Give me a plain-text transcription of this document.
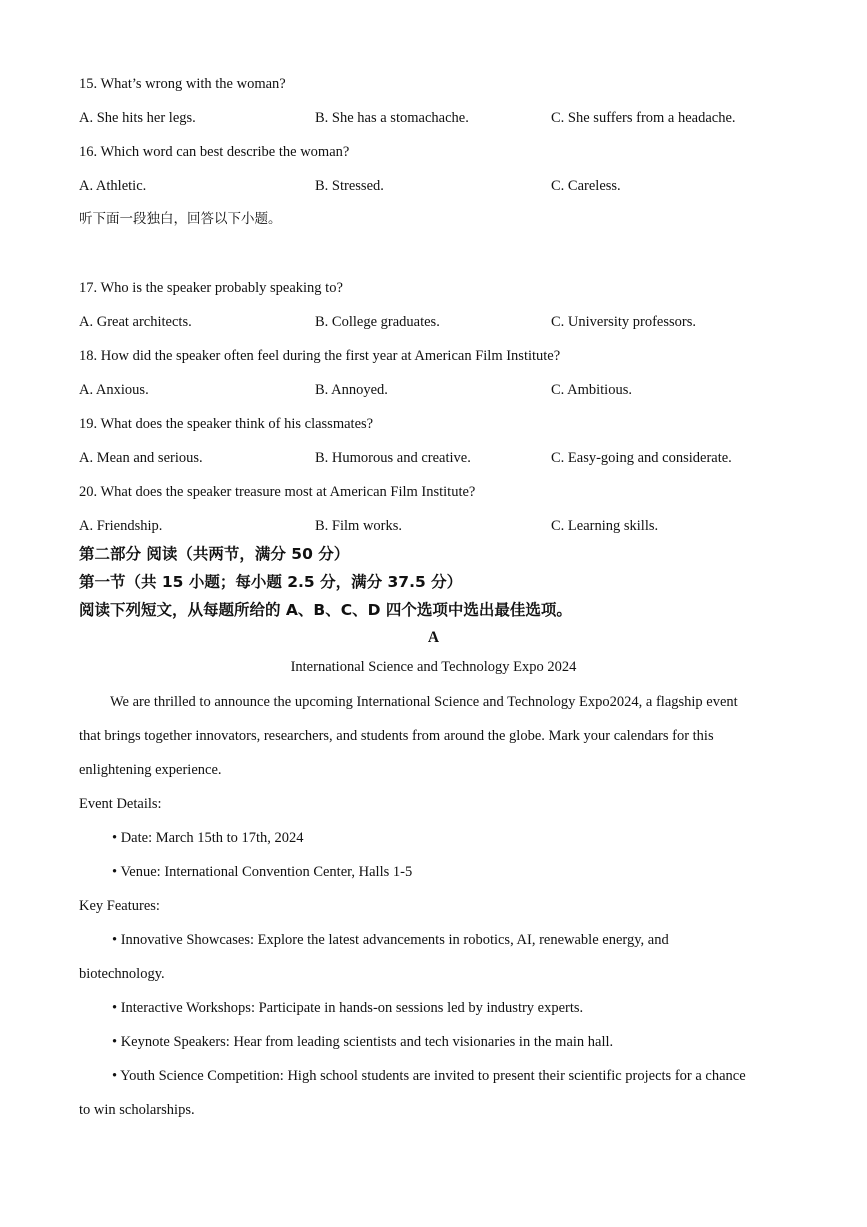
15. What’s wrong with the woman?
A. She hits her legs.	B. She has a stomachache.	C. She suffers from a headache.
16. Which word can best describe the woman?
A. Athletic.	B. Stressed.	C. Careless.
听下面一段独白，回答以下小题。
17. Who is the speaker probably speaking to?
A. Great architects.	B. College graduates.	C. University professors.
18. How did the speaker often feel during the first year at American Film Institute?
A. Anxious.	B. Annoyed.	C. Ambitious.
19. What does the speaker think of his classmates?
A. Mean and serious.	B. Humorous and creative.	C. Easy-going and considerate.
20. What does the speaker treasure most at American Film Institute?
A. Friendship.	B. Film works.	C. Learning skills.
第二部分 阅读（共两节，满分 50 分）
第一节（共 15 小题；每小题 2.5 分，满分 37.5 分）
阅读下列短文，从每题所给的 A、B、C、D 四个选项中选出最佳选项。
A
International Science and Technology Expo 2024
We are thrilled to announce the upcoming International Science and Technology Expo2024, a flagship event
that brings together innovators, researchers, and students from around the globe. Mark your calendars for this
enlightening experience.
Event Details:
• Date: March 15th to 17th, 2024
• Venue: International Convention Center, Halls 1-5
Key Features:
• Innovative Showcases: Explore the latest advancements in robotics, AI, renewable energy, and
biotechnology.
• Interactive Workshops: Participate in hands-on sessions led by industry experts.
• Keynote Speakers: Hear from leading scientists and tech visionaries in the main hall.
• Youth Science Competition: High school students are invited to present their scientific projects for a chance
to win scholarships.
